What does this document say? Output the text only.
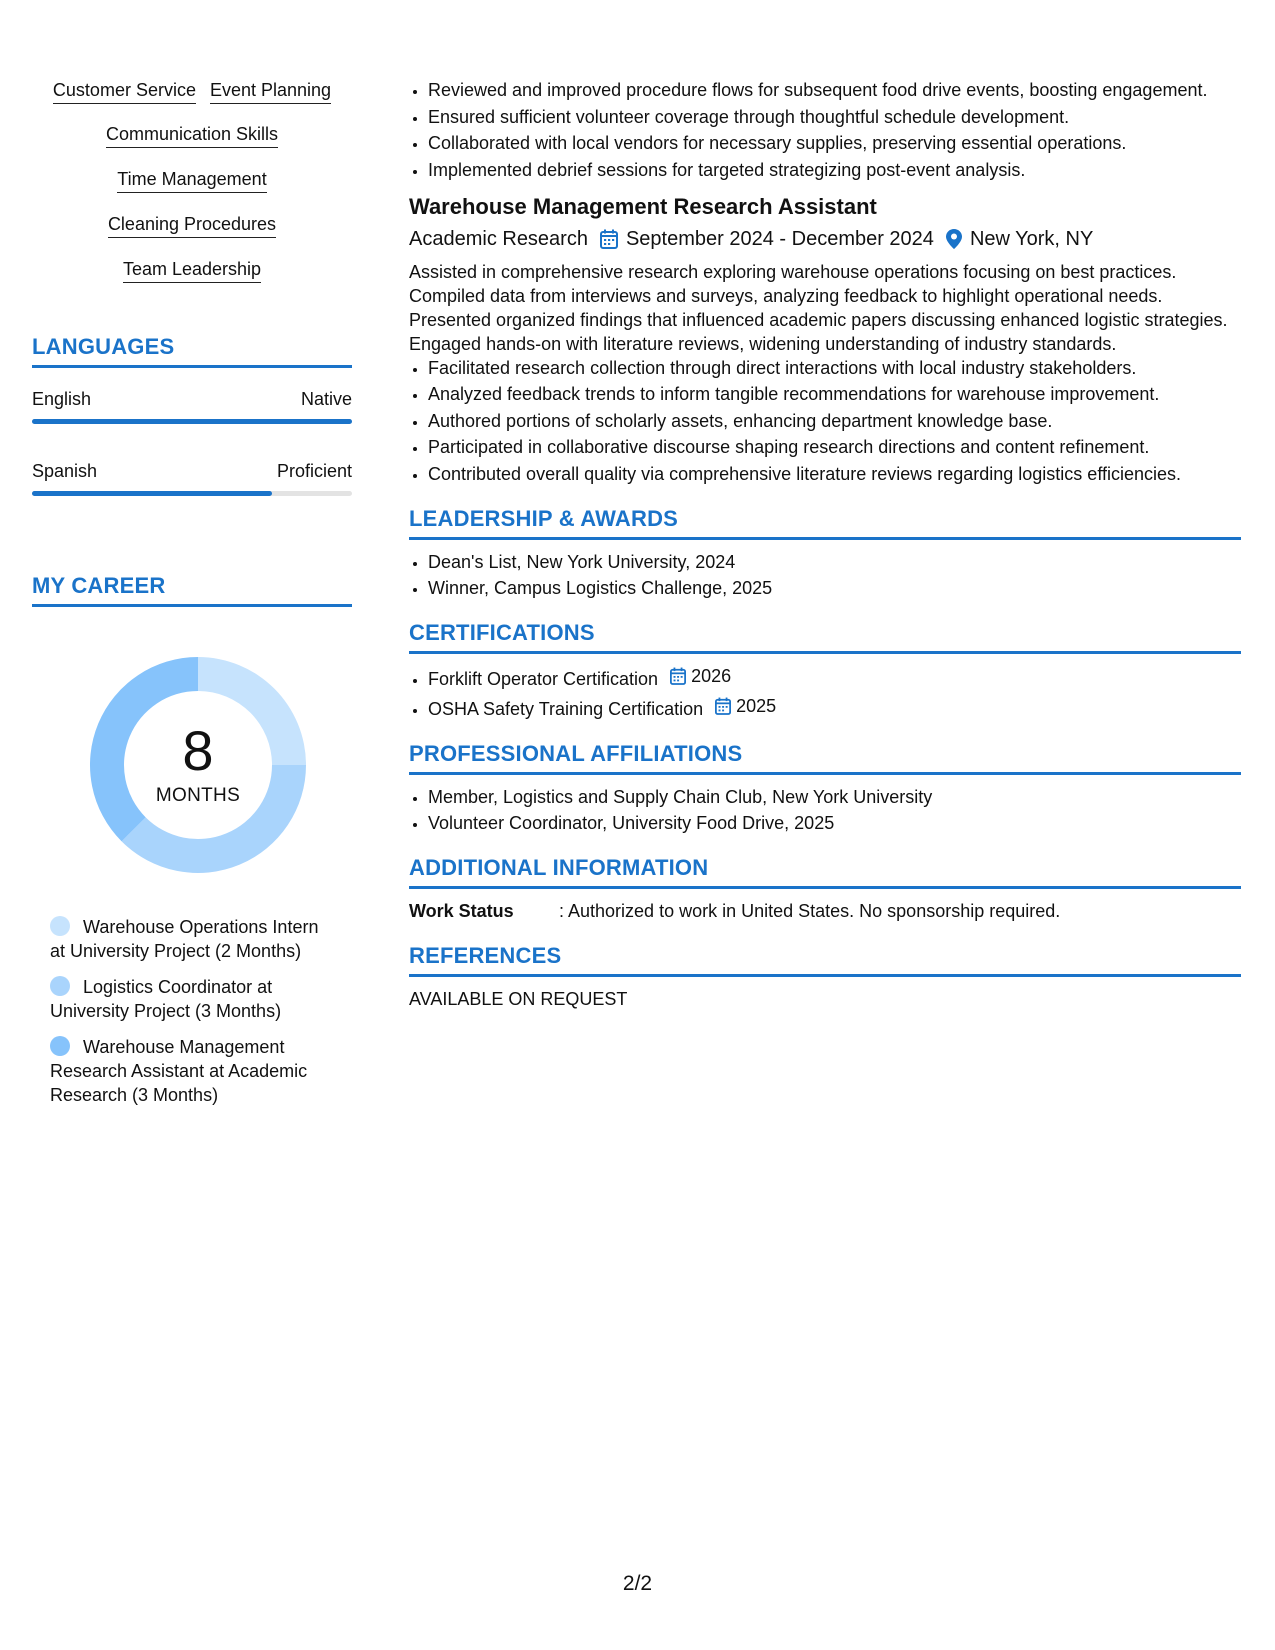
Customer Service Event Planning
Communication Skills
Time Management
Cleaning Procedures
Team Leadership
LANGUAGES
English	Native
Spanish	Proficient
MY CAREER
8
MONTHS
Warehouse Operations Intern at University Project (2 Months)
Logistics Coordinator at University Project (3 Months)
Warehouse Management Research Assistant at Academic Research (3 Months)
• Reviewed and improved procedure flows for subsequent food drive events, boosting engagement.
• Ensured sufficient volunteer coverage through thoughtful schedule development.
• Collaborated with local vendors for necessary supplies, preserving essential operations.
• Implemented debrief sessions for targeted strategizing post-event analysis.
Warehouse Management Research Assistant
Academic Research September 2024 - December 2024 New York, NY
Assisted in comprehensive research exploring warehouse operations focusing on best practices. Compiled data from interviews and surveys, analyzing feedback to highlight operational needs. Presented organized findings that influenced academic papers discussing enhanced logistic strategies. Engaged hands-on with literature reviews, widening understanding of industry standards.
• Facilitated research collection through direct interactions with local industry stakeholders.
• Analyzed feedback trends to inform tangible recommendations for warehouse improvement.
• Authored portions of scholarly assets, enhancing department knowledge base.
• Participated in collaborative discourse shaping research directions and content refinement.
• Contributed overall quality via comprehensive literature reviews regarding logistics efficiencies.
LEADERSHIP & AWARDS
• Dean's List, New York University, 2024
• Winner, Campus Logistics Challenge, 2025
CERTIFICATIONS
• Forklift Operator Certification 2026
• OSHA Safety Training Certification 2025
PROFESSIONAL AFFILIATIONS
• Member, Logistics and Supply Chain Club, New York University
• Volunteer Coordinator, University Food Drive, 2025
ADDITIONAL INFORMATION
Work Status	: Authorized to work in United States. No sponsorship required.
REFERENCES
AVAILABLE ON REQUEST
2/2
